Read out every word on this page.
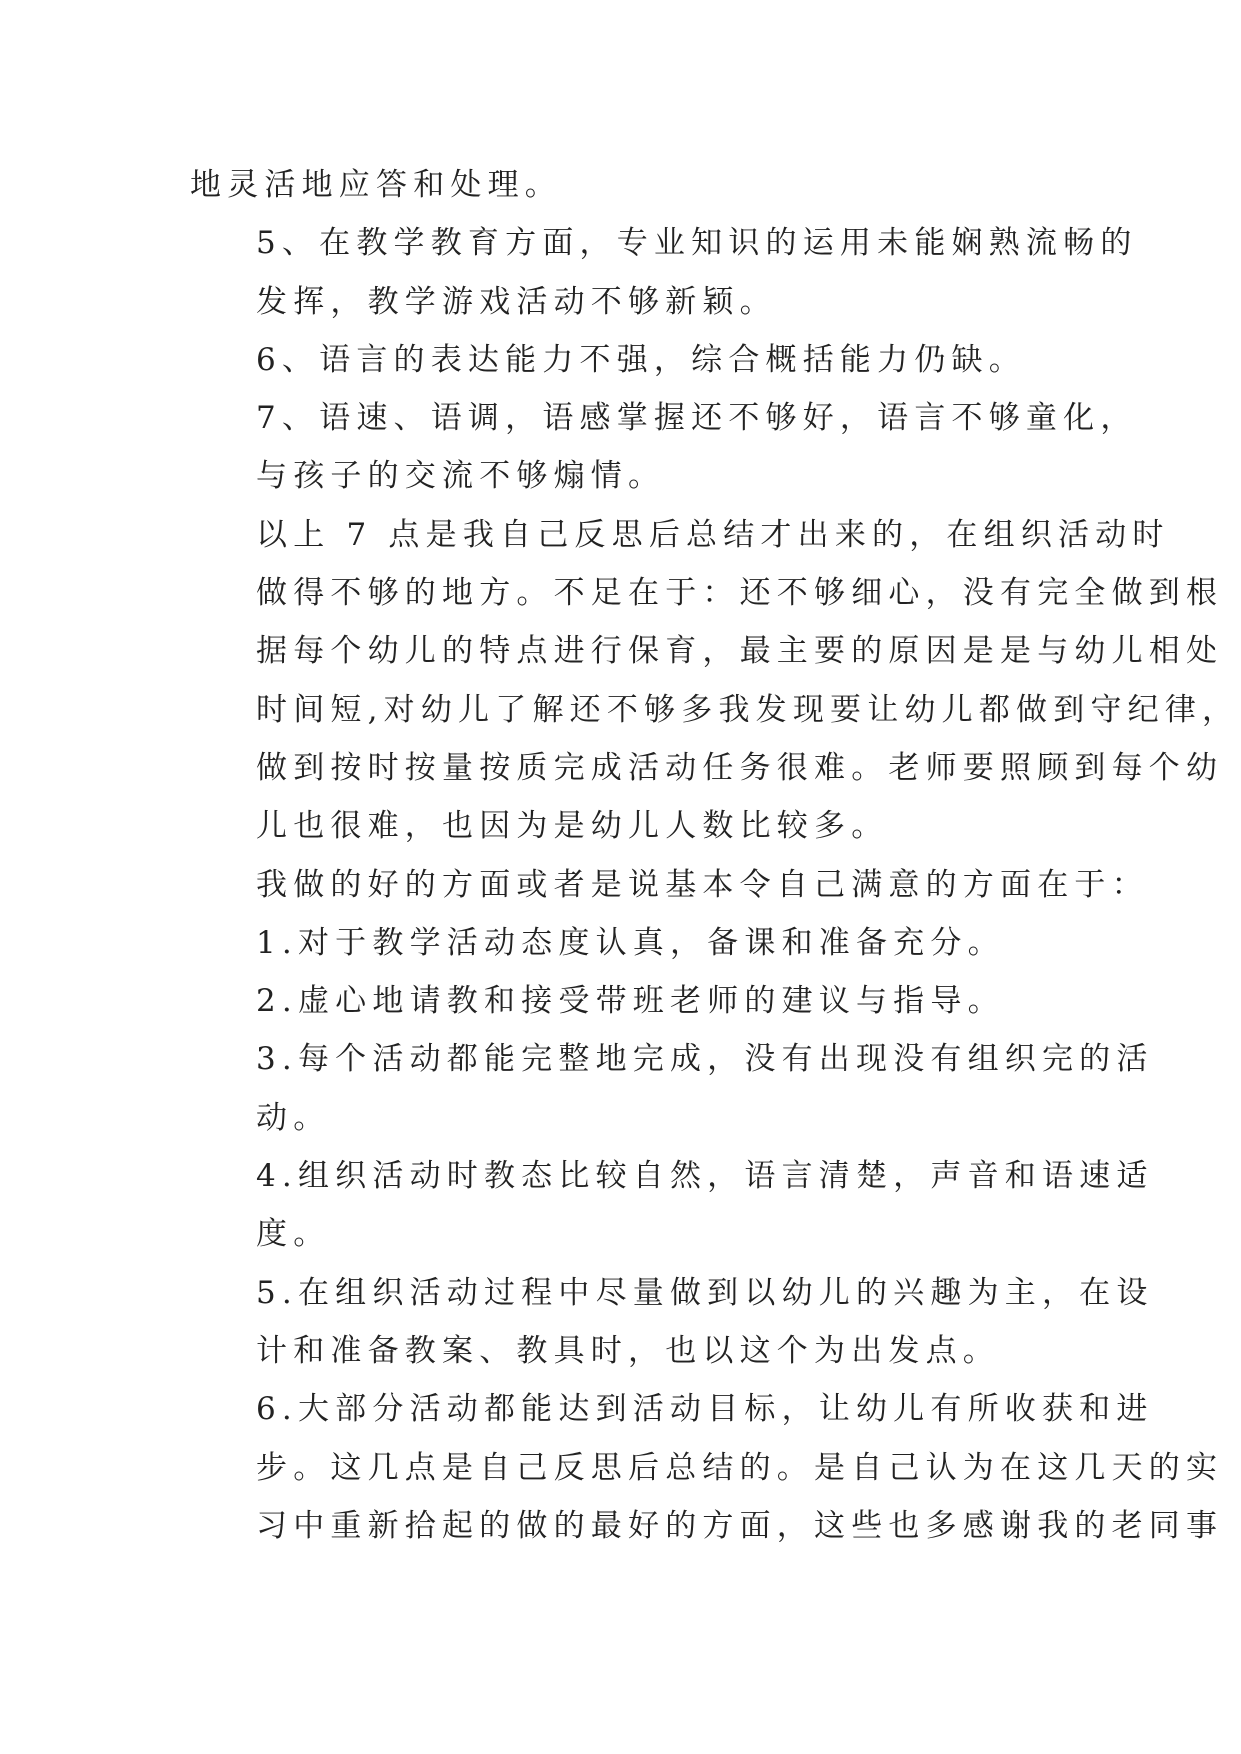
地灵活地应答和处理。

5、在教学教育方面，专业知识的运用未能娴熟流畅的
发挥，教学游戏活动不够新颖。

6、语言的表达能力不强，综合概括能力仍缺。

7、语速、语调，语感掌握还不够好，语言不够童化，
与孩子的交流不够煽情。

以上 7 点是我自己反思后总结才出来的，在组织活动时
做得不够的地方。不足在于：还不够细心，没有完全做到根
据每个幼儿的特点进行保育，最主要的原因是是与幼儿相处
时间短,对幼儿了解还不够多我发现要让幼儿都做到守纪律，
做到按时按量按质完成活动任务很难。老师要照顾到每个幼
儿也很难，也因为是幼儿人数比较多。

我做的好的方面或者是说基本令自己满意的方面在于：

1.对于教学活动态度认真，备课和准备充分。

2.虚心地请教和接受带班老师的建议与指导。

3.每个活动都能完整地完成，没有出现没有组织完的活
动。

4.组织活动时教态比较自然，语言清楚，声音和语速适
度。

5.在组织活动过程中尽量做到以幼儿的兴趣为主，在设
计和准备教案、教具时，也以这个为出发点。

6.大部分活动都能达到活动目标，让幼儿有所收获和进
步。这几点是自己反思后总结的。是自己认为在这几天的实
习中重新拾起的做的最好的方面，这些也多感谢我的老同事
